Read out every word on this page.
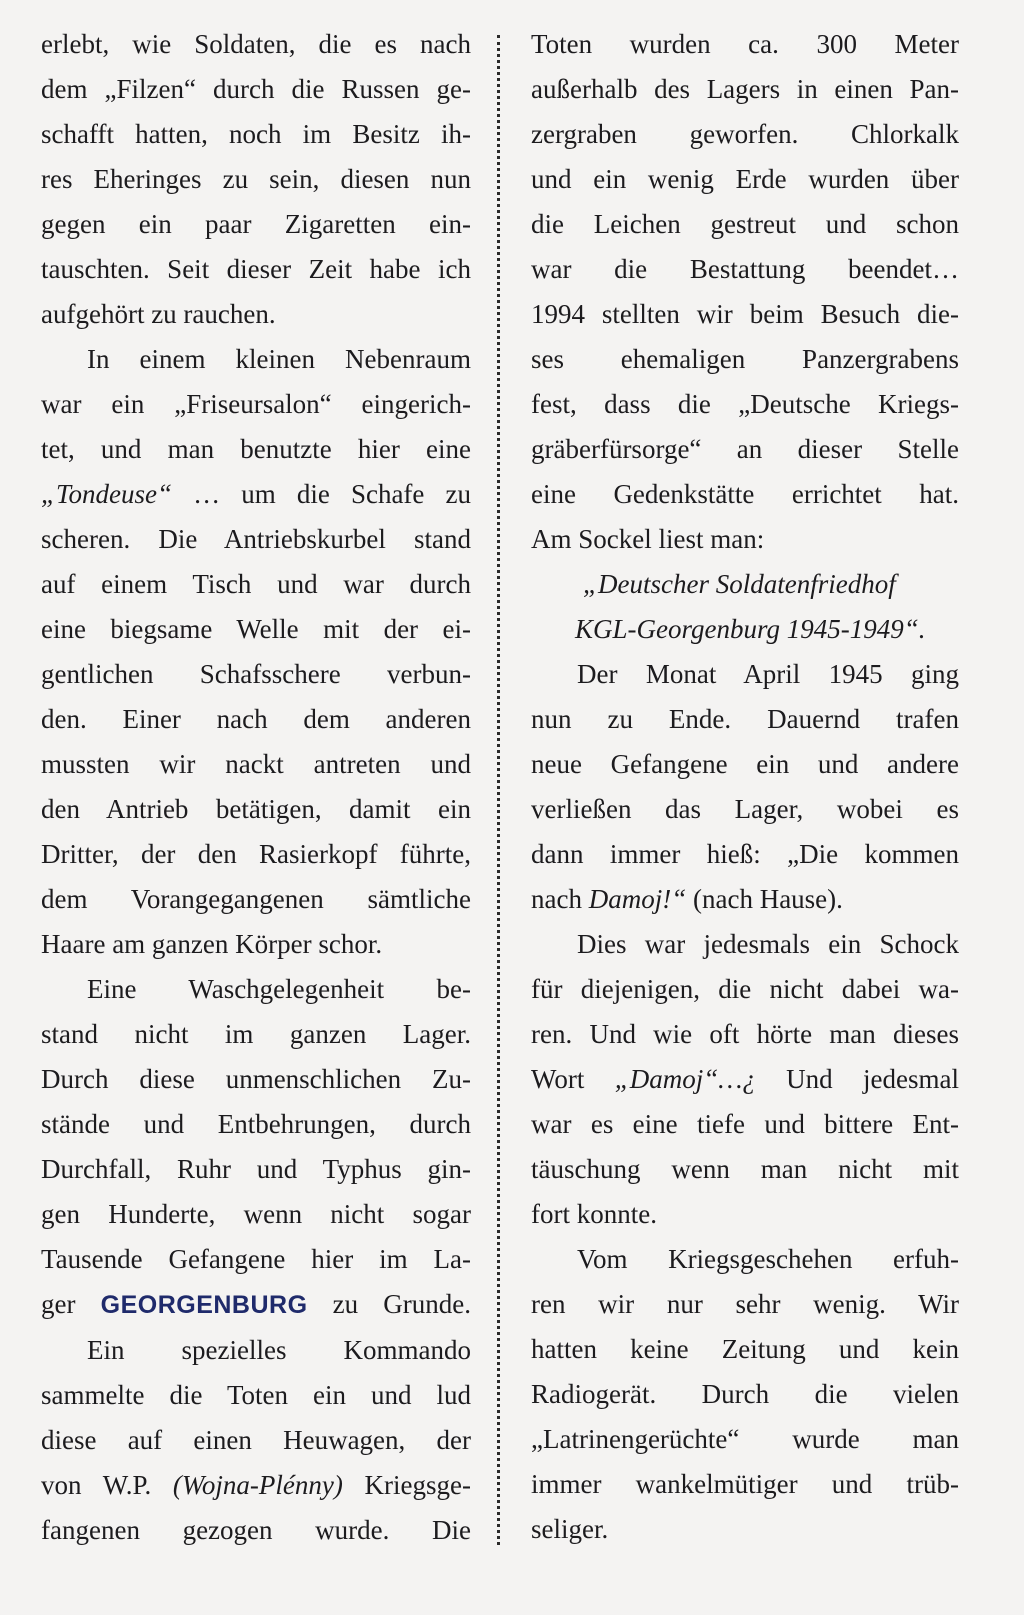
erlebt, wie Soldaten, die es nach
dem „Filzen“ durch die Russen ge-
schafft hatten, noch im Besitz ih-
res Eheringes zu sein, diesen nun
gegen ein paar Zigaretten ein-
tauschten. Seit dieser Zeit habe ich
aufgehört zu rauchen.
In einem kleinen Nebenraum
war ein „Friseursalon“ eingerich-
tet, und man benutzte hier eine
„Tondeuse“ … um die Schafe zu
scheren. Die Antriebskurbel stand
auf einem Tisch und war durch
eine biegsame Welle mit der ei-
gentlichen Schafsschere verbun-
den. Einer nach dem anderen
mussten wir nackt antreten und
den Antrieb betätigen, damit ein
Dritter, der den Rasierkopf führte,
dem Vorangegangenen sämtliche
Haare am ganzen Körper schor.
Eine Waschgelegenheit be-
stand nicht im ganzen Lager.
Durch diese unmenschlichen Zu-
stände und Entbehrungen, durch
Durchfall, Ruhr und Typhus gin-
gen Hunderte, wenn nicht sogar
Tausende Gefangene hier im La-
ger GEORGENBURG zu Grunde.
Ein spezielles Kommando
sammelte die Toten ein und lud
diese auf einen Heuwagen, der
von W.P. (Wojna-Plénny) Kriegsge-
fangenen gezogen wurde. Die
Toten wurden ca. 300 Meter
außerhalb des Lagers in einen Pan-
zergraben geworfen. Chlorkalk
und ein wenig Erde wurden über
die Leichen gestreut und schon
war die Bestattung beendet…
1994 stellten wir beim Besuch die-
ses ehemaligen Panzergrabens
fest, dass die „Deutsche Kriegs-
gräberfürsorge“ an dieser Stelle
eine Gedenkstätte errichtet hat.
Am Sockel liest man:
„Deutscher Soldatenfriedhof
KGL-Georgenburg 1945-1949“.
Der Monat April 1945 ging
nun zu Ende. Dauernd trafen
neue Gefangene ein und andere
verließen das Lager, wobei es
dann immer hieß: „Die kommen
nach Damoj!“ (nach Hause).
Dies war jedesmals ein Schock
für diejenigen, die nicht dabei wa-
ren. Und wie oft hörte man dieses
Wort „Damoj“…¿ Und jedesmal
war es eine tiefe und bittere Ent-
täuschung wenn man nicht mit
fort konnte.
Vom Kriegsgeschehen erfuh-
ren wir nur sehr wenig. Wir
hatten keine Zeitung und kein
Radiogerät. Durch die vielen
„Latrinengerüchte“ wurde man
immer wankelmütiger und trüb-
seliger.
